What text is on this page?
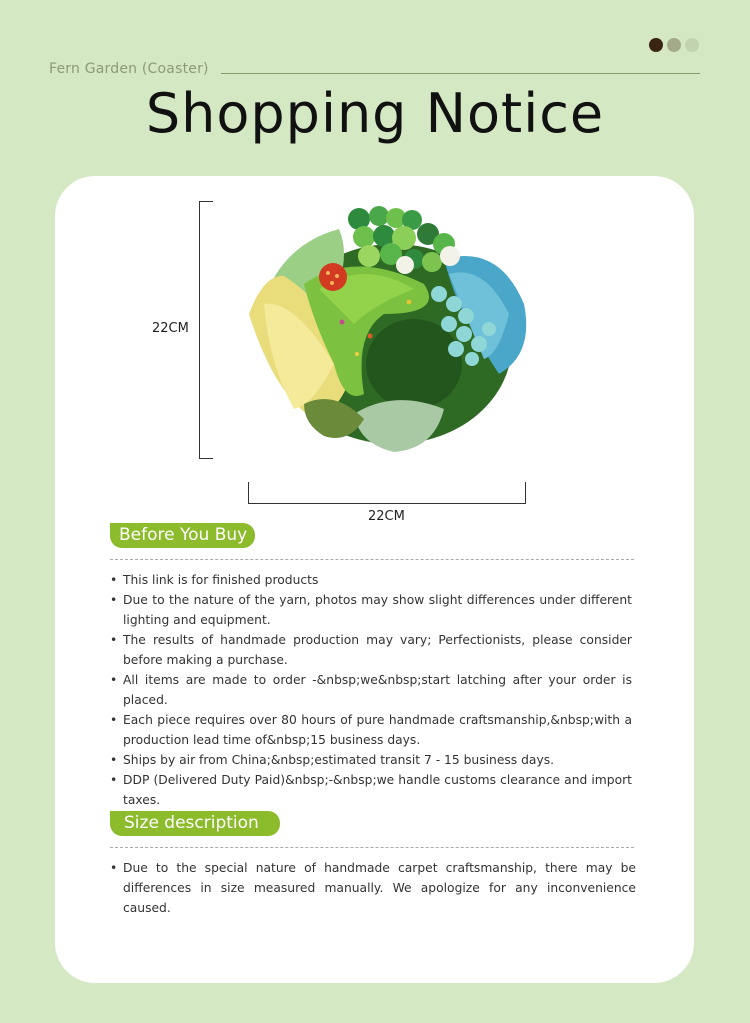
Fern Garden (Coaster)
Shopping Notice
22CM
22CM
Before You Buy
• This link is for finished products
• Due to the nature of the yarn, photos may show slight differences under different lighting and equipment.
• The results of handmade production may vary; Perfectionists, please consider before making a purchase.
• All items are made to order -&nbsp;we&nbsp;start latching after your order is placed.
• Each piece requires over 80 hours of pure handmade craftsmanship,&nbsp;with a production lead time of&nbsp;15 business days.
• Ships by air from China;&nbsp;estimated transit 7 - 15 business days.
• DDP (Delivered Duty Paid)&nbsp;-&nbsp;we handle customs clearance and import taxes.
Size description
• Due to the special nature of handmade carpet craftsmanship, there may be differences in size measured manually. We apologize for any inconvenience caused.
